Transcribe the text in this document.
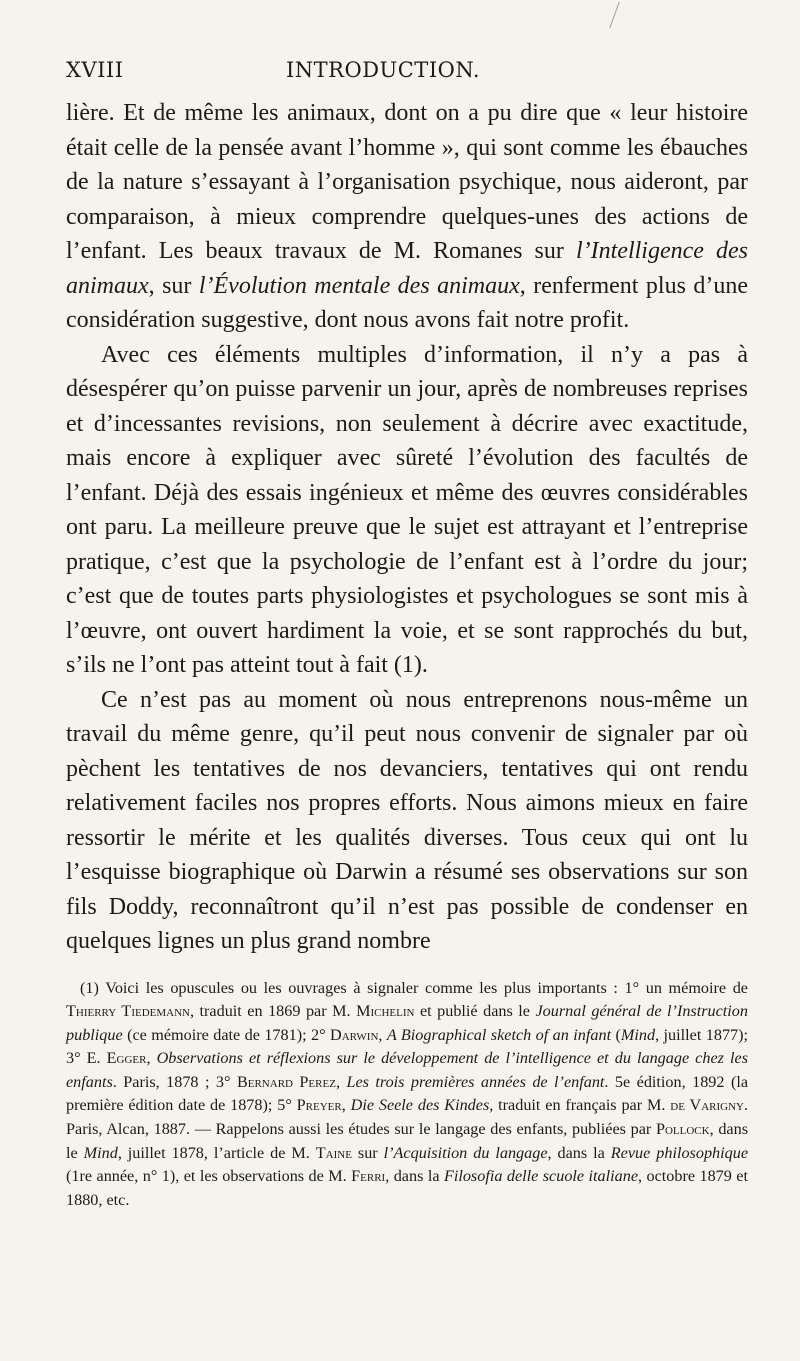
XVIII	INTRODUCTION.

lière. Et de même les animaux, dont on a pu dire que « leur histoire était celle de la pensée avant l’homme », qui sont comme les ébauches de la nature s’essayant à l’organisation psychique, nous aideront, par comparaison, à mieux comprendre quelques-unes des actions de l’enfant. Les beaux travaux de M. Romanes sur l’Intelligence des animaux, sur l’Évolution mentale des animaux, renferment plus d’une considération suggestive, dont nous avons fait notre profit.

Avec ces éléments multiples d’information, il n’y a pas à désespérer qu’on puisse parvenir un jour, après de nombreuses reprises et d’incessantes revisions, non seulement à décrire avec exactitude, mais encore à expliquer avec sûreté l’évolution des facultés de l’enfant. Déjà des essais ingénieux et même des œuvres considérables ont paru. La meilleure preuve que le sujet est attrayant et l’entreprise pratique, c’est que la psychologie de l’enfant est à l’ordre du jour; c’est que de toutes parts physiologistes et psychologues se sont mis à l’œuvre, ont ouvert hardiment la voie, et se sont rapprochés du but, s’ils ne l’ont pas atteint tout à fait (1).

Ce n’est pas au moment où nous entreprenons nous-même un travail du même genre, qu’il peut nous convenir de signaler par où pèchent les tentatives de nos devanciers, tentatives qui ont rendu relativement faciles nos propres efforts. Nous aimons mieux en faire ressortir le mérite et les qualités diverses. Tous ceux qui ont lu l’esquisse biographique où Darwin a résumé ses observations sur son fils Doddy, reconnaîtront qu’il n’est pas possible de condenser en quelques lignes un plus grand nombre

(1) Voici les opuscules ou les ouvrages à signaler comme les plus importants : 1° un mémoire de Thierry Tiedemann, traduit en 1869 par M. Michelin et publié dans le Journal général de l’Instruction publique (ce mémoire date de 1781); 2° Darwin, A Biographical sketch of an infant (Mind, juillet 1877); 3° E. Egger, Observations et réflexions sur le développement de l’intelligence et du langage chez les enfants. Paris, 1878 ; 3° Bernard Perez, Les trois premières années de l’enfant. 5e édition, 1892 (la première édition date de 1878); 5° Preyer, Die Seele des Kindes, traduit en français par M. de Varigny. Paris, Alcan, 1887. — Rappelons aussi les études sur le langage des enfants, publiées par Pollock, dans le Mind, juillet 1878, l’article de M. Taine sur l’Acquisition du langage, dans la Revue philosophique (1re année, n° 1), et les observations de M. Ferri, dans la Filosofia delle scuole italiane, octobre 1879 et 1880, etc.
